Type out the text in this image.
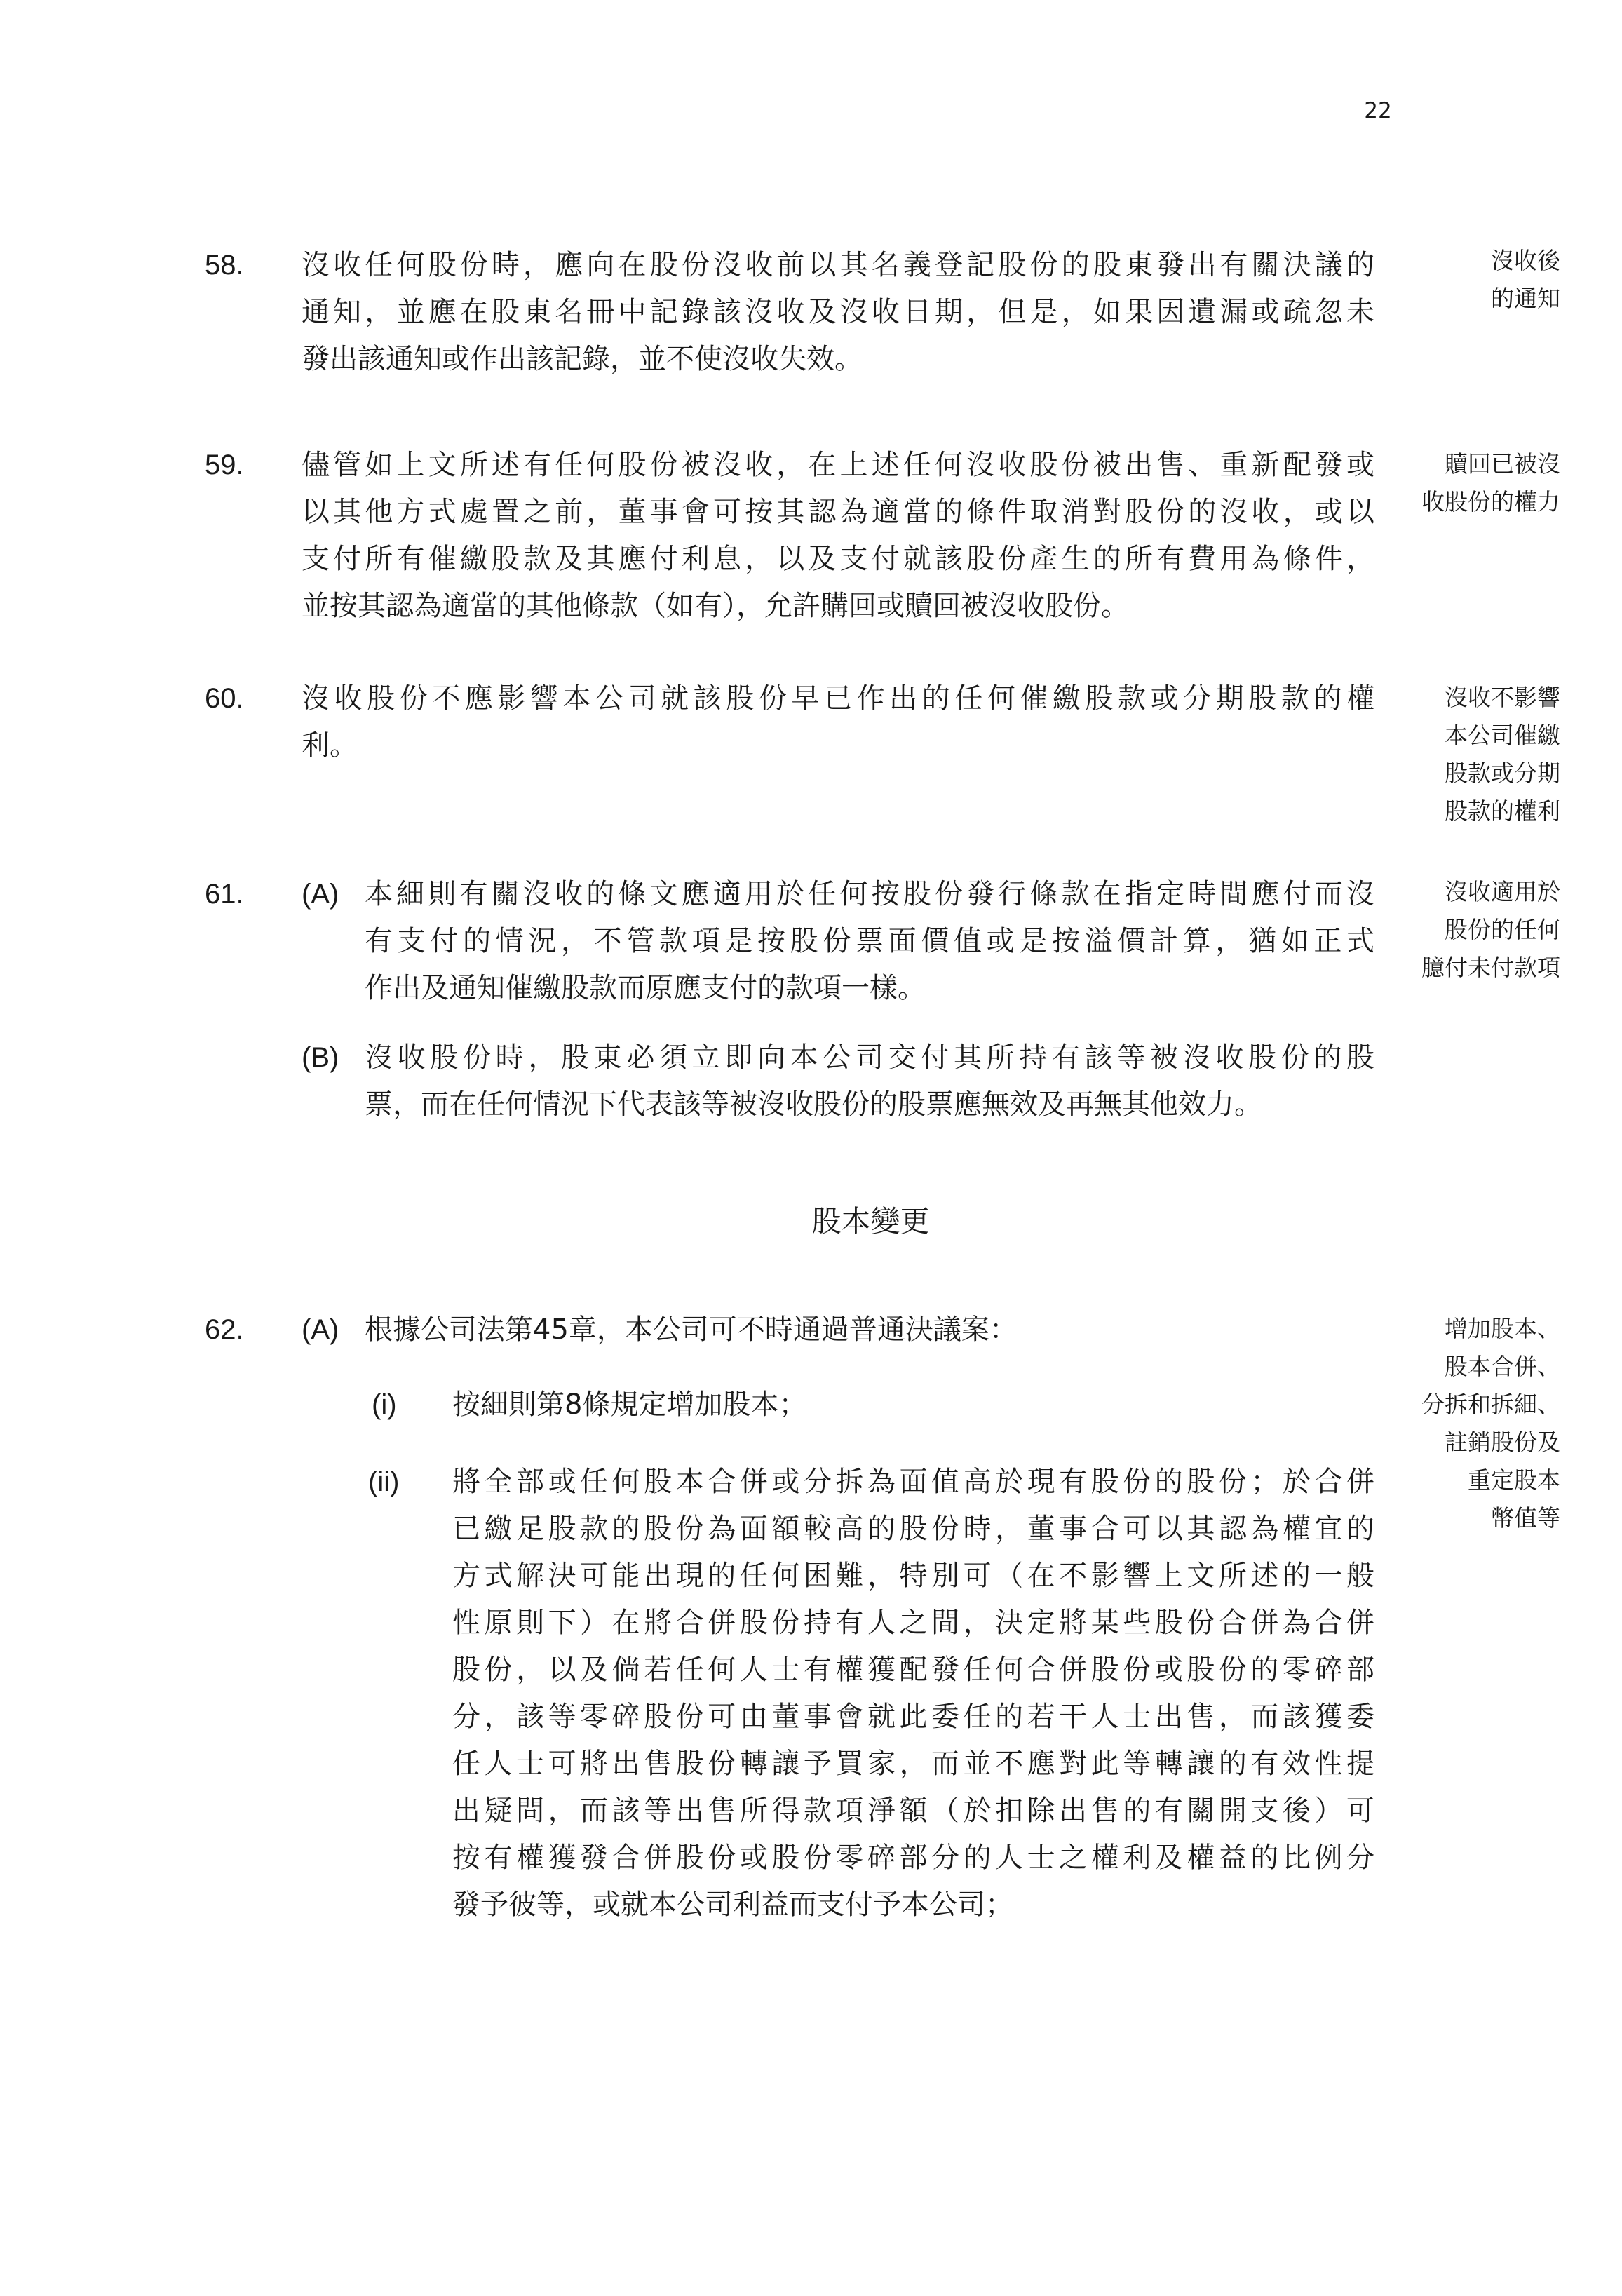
22
58. 沒收任何股份時，應向在股份沒收前以其名義登記股份的股東發出有關決議的
通知，並應在股東名冊中記錄該沒收及沒收日期，但是，如果因遺漏或疏忽未
發出該通知或作出該記錄，並不使沒收失效。
沒收後
的通知
59. 儘管如上文所述有任何股份被沒收，在上述任何沒收股份被出售、重新配發或
以其他方式處置之前，董事會可按其認為適當的條件取消對股份的沒收，或以
支付所有催繳股款及其應付利息，以及支付就該股份產生的所有費用為條件，
並按其認為適當的其他條款（如有），允許購回或贖回被沒收股份。
贖回已被沒
收股份的權力
60. 沒收股份不應影響本公司就該股份早已作出的任何催繳股款或分期股款的權
利。
沒收不影響
本公司催繳
股款或分期
股款的權利
61. (A) 本細則有關沒收的條文應適用於任何按股份發行條款在指定時間應付而沒
有支付的情況，不管款項是按股份票面價值或是按溢價計算，猶如正式
作出及通知催繳股款而原應支付的款項一樣。
(B) 沒收股份時，股東必須立即向本公司交付其所持有該等被沒收股份的股
票，而在任何情況下代表該等被沒收股份的股票應無效及再無其他效力。
沒收適用於
股份的任何
臆付未付款項
股本變更
62. (A) 根據公司法第45章，本公司可不時通過普通決議案：
(i) 按細則第8條規定增加股本；
(ii) 將全部或任何股本合併或分拆為面值高於現有股份的股份；於合併
已繳足股款的股份為面額較高的股份時，董事合可以其認為權宜的
方式解決可能出現的任何困難，特別可（在不影響上文所述的一般
性原則下）在將合併股份持有人之間，決定將某些股份合併為合併
股份，以及倘若任何人士有權獲配發任何合併股份或股份的零碎部
分，該等零碎股份可由董事會就此委任的若干人士出售，而該獲委
任人士可將出售股份轉讓予買家，而並不應對此等轉讓的有效性提
出疑問，而該等出售所得款項淨額（於扣除出售的有關開支後）可
按有權獲發合併股份或股份零碎部分的人士之權利及權益的比例分
發予彼等，或就本公司利益而支付予本公司；
增加股本、
股本合併、
分拆和拆細、
註銷股份及
重定股本
幣值等
